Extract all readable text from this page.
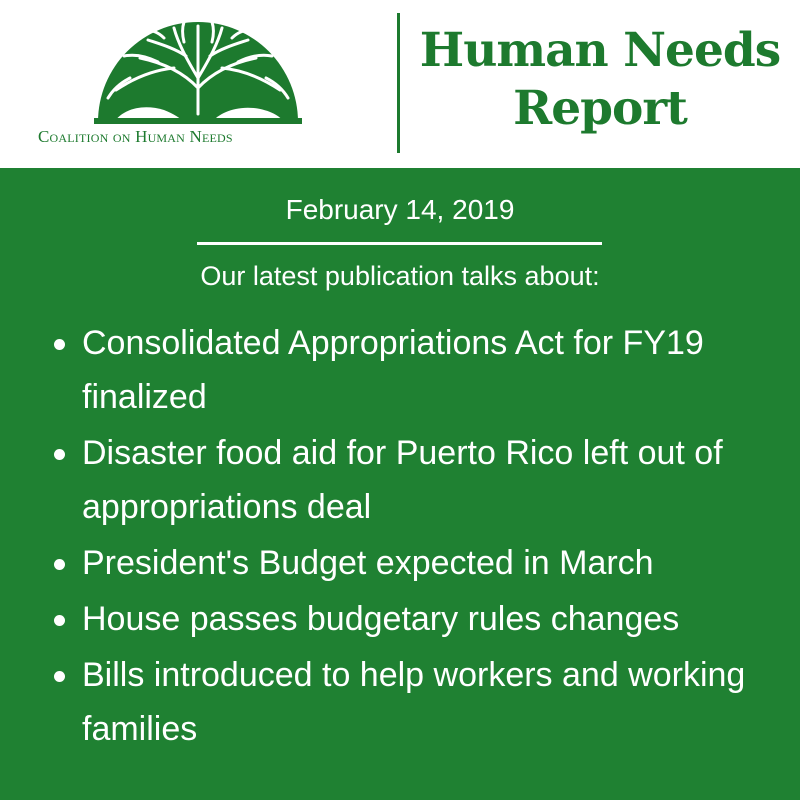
Coalition on Human Needs
Human Needs
Report
February 14, 2019
Our latest publication talks about:
Consolidated Appropriations Act for FY19 finalized
Disaster food aid for Puerto Rico left out of appropriations deal
President's Budget expected in March
House passes budgetary rules changes
Bills introduced to help workers and working families
